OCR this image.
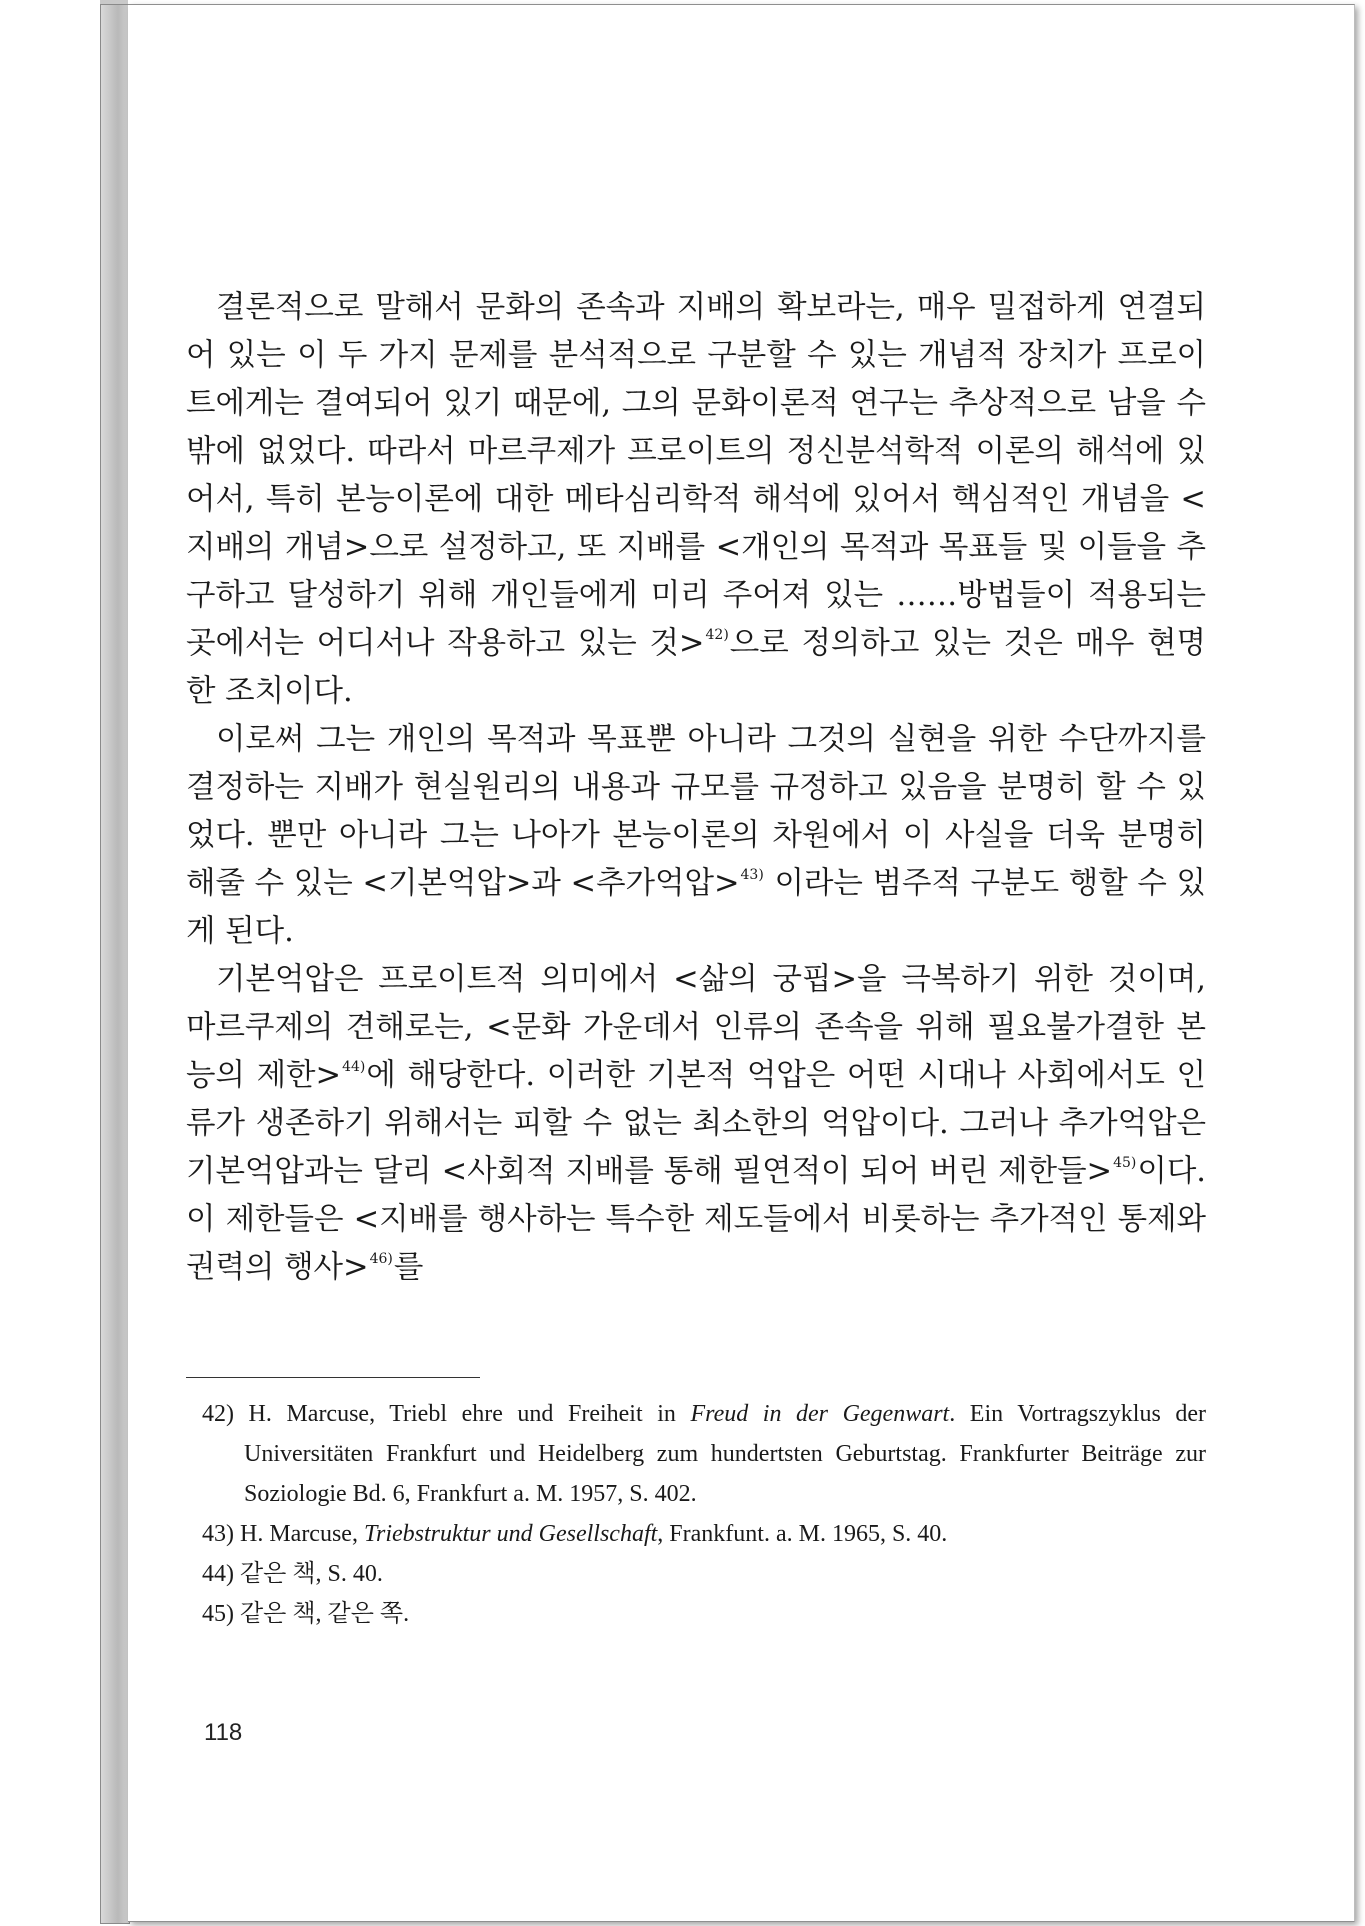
결론적으로 말해서 문화의 존속과 지배의 확보라는, 매우 밀접하게 연결되어 있는 이 두 가지 문제를 분석적으로 구분할 수 있는 개념적 장치가 프로이트에게는 결여되어 있기 때문에, 그의 문화이론적 연구는 추상적으로 남을 수밖에 없었다. 따라서 마르쿠제가 프로이트의 정신분석학적 이론의 해석에 있어서, 특히 본능이론에 대한 메타심리학적 해석에 있어서 핵심적인 개념을 <지배의 개념>으로 설정하고, 또 지배를 <개인의 목적과 목표들 및 이들을 추구하고 달성하기 위해 개인들에게 미리 주어져 있는 ……방법들이 적용되는 곳에서는 어디서나 작용하고 있는 것>$^{42)}$으로 정의하고 있는 것은 매우 현명한 조치이다.

이로써 그는 개인의 목적과 목표뿐 아니라 그것의 실현을 위한 수단까지를 결정하는 지배가 현실원리의 내용과 규모를 규정하고 있음을 분명히 할 수 있었다. 뿐만 아니라 그는 나아가 본능이론의 차원에서 이 사실을 더욱 분명히 해줄 수 있는 <기본억압>과 <추가억압>$^{43)}$ 이라는 범주적 구분도 행할 수 있게 된다.

기본억압은 프로이트적 의미에서 <삶의 궁핍>을 극복하기 위한 것이며, 마르쿠제의 견해로는, <문화 가운데서 인류의 존속을 위해 필요불가결한 본능의 제한>$^{44)}$에 해당한다. 이러한 기본적 억압은 어떤 시대나 사회에서도 인류가 생존하기 위해서는 피할 수 없는 최소한의 억압이다. 그러나 추가억압은 기본억압과는 달리 <사회적 지배를 통해 필연적이 되어 버린 제한들>$^{45)}$이다. 이 제한들은 <지배를 행사하는 특수한 제도들에서 비롯하는 추가적인 통제와 권력의 행사>$^{46)}$를

42) H. Marcuse, Triebl ehre und Freiheit in Freud in der Gegenwart. Ein Vortragszyklus der Universitäten Frankfurt und Heidelberg zum hundertsten Geburtstag. Frankfurter Beiträge zur Soziologie Bd. 6, Frankfurt a. M. 1957, S. 402.

43) H. Marcuse, Triebstruktur und Gesellschaft, Frankfunt. a. M. 1965, S. 40.

44) 같은 책, S. 40.

45) 같은 책, 같은 쪽.

118
